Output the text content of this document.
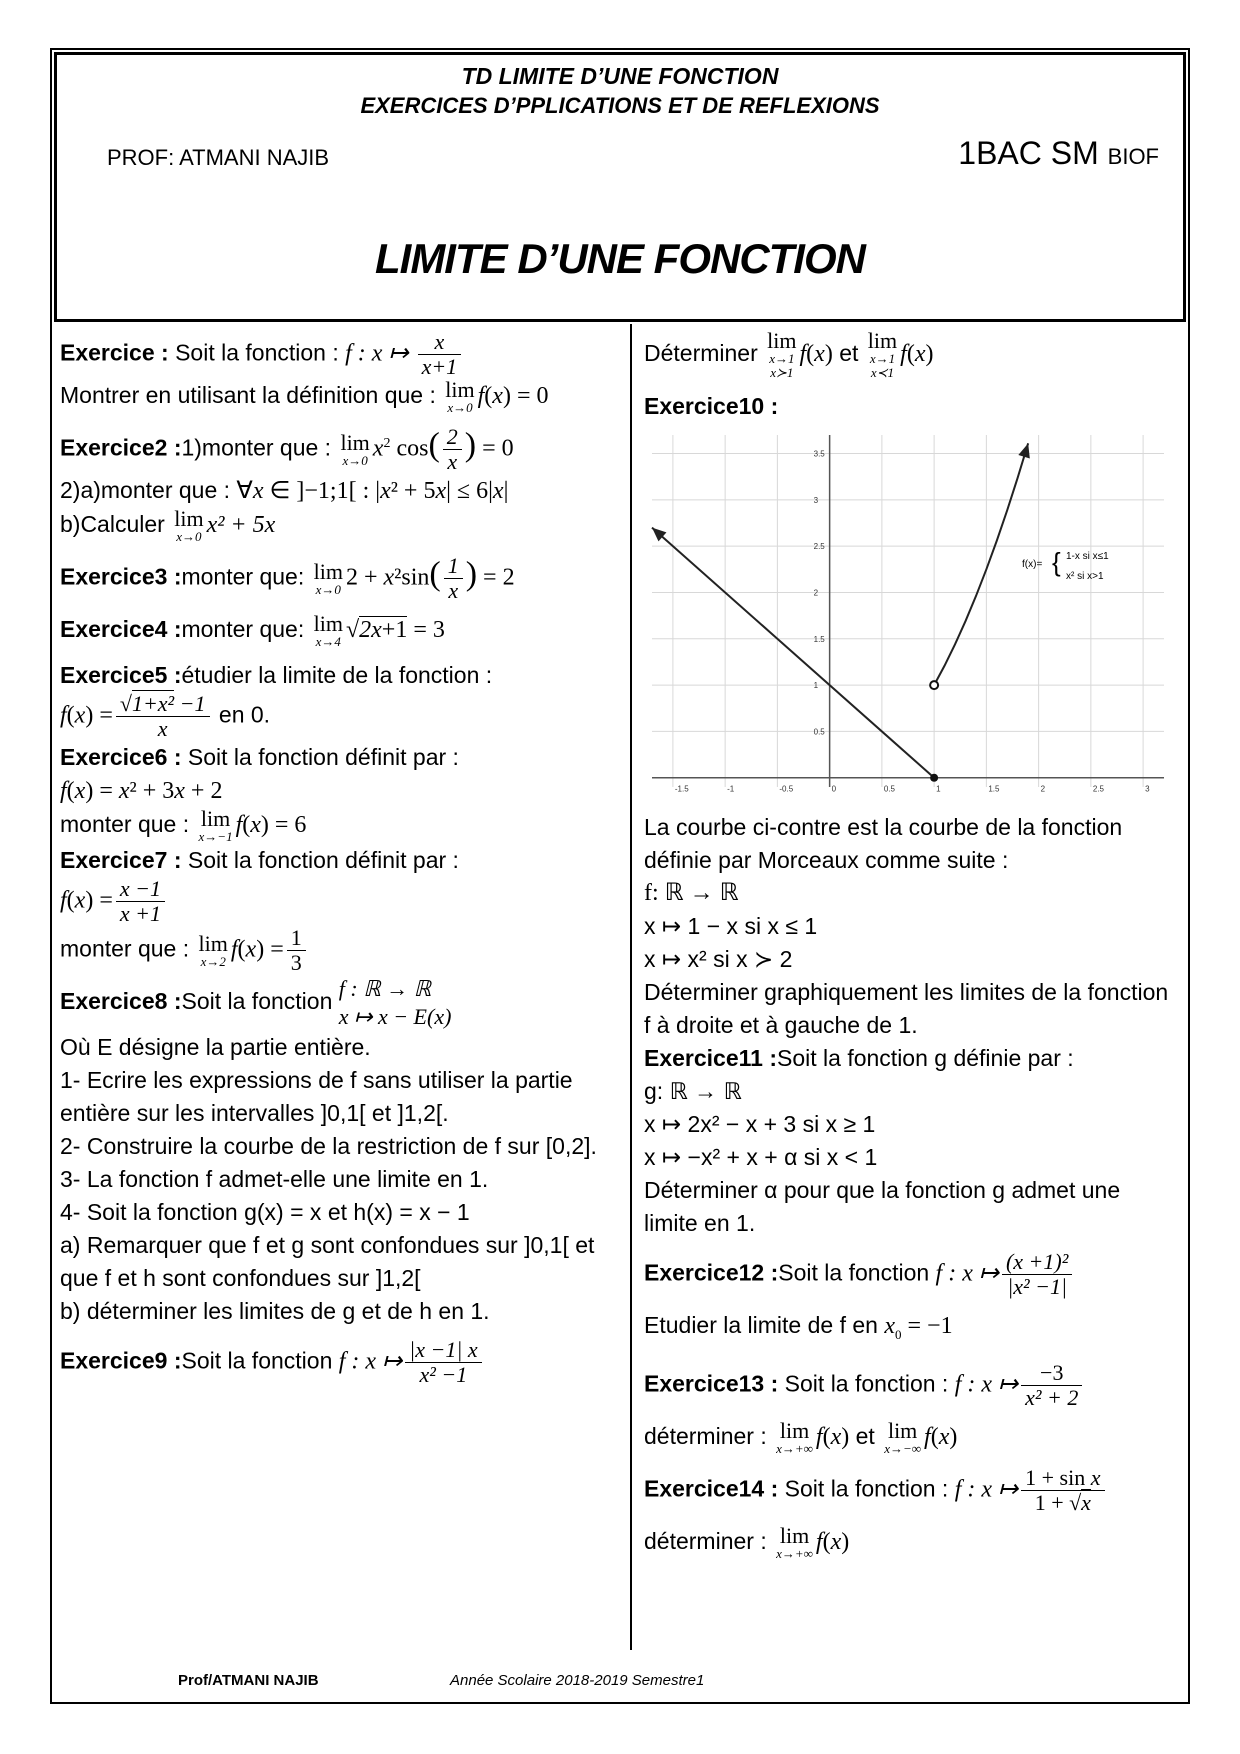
TD LIMITE D’UNE FONCTION
EXERCICES D’PPLICATIONS ET DE REFLEXIONS
PROF: ATMANI NAJIB	1BAC SM BIOF
LIMITE D’UNE FONCTION

Exercice : Soit la fonction : f : x ↦ $\frac{x}{x+1}$

Montrer en utilisant la définition que : lim
x→0 f(x) = 0

Exercice2 :1)monter que : lim
x→0 $x^2$ $\cos( \frac{2}{x}$ ) = 0

2)a)monter que : ∀x ∈ ]−1;1[ : |x² + 5x| ≤ 6|x|

b)Calculer lim
x→0 x² + 5x

Exercice3 :monter que: lim
x→0 $2 + x^2\sin( \frac{1}{x}$ ) = 2

Exercice4 :monter que: lim
x→4 √2x+1 = 3

Exercice5 :étudier la limite de la fonction :

$f(x) = \frac{\text{√1+x² −1}}{x}$ en 0.

Exercice6 : Soit la fonction définit par :

f(x) = x² + 3x + 2

monter que : lim
x→−1 f(x) = 6

Exercice7 : Soit la fonction définit par :

$f(x) = \frac{x -1}{x +1}$

monter que : lim
x→2 $f(x) = \frac{1}{3}$

Exercice8 :Soit la fonction f : ℝ → ℝ
x ↦ x − E(x)

Où E désigne la partie entière.

1- Ecrire les expressions de f sans utiliser la partie entière sur les intervalles ]0,1[ et ]1,2[.

2- Construire la courbe de la restriction de f sur [0,2].

3- La fonction f admet-elle une limite en 1.

4- Soit la fonction g(x) = x et h(x) = x − 1

a) Remarquer que f et g sont confondues sur ]0,1[ et que f et h sont confondues sur ]1,2[

b) déterminer les limites de g et de h en 1.

Exercice9 :Soit la fonction f : x ↦ $\frac{|x -1| x}{\text{x² −1}}$

Déterminer lim
x→1
x≻1
f(x) et lim
x→1
x≺1
f(x)

Exercice10 :

-1.5	-1	-0.5	0	0.5	1	1.5	2	2.5	3
0.5
1
1.5
2
2.5
3
3.5
f(x)= { 1-x si x≤1
x² si x>1

La courbe ci-contre est la courbe de la fonction définie par Morceaux comme suite :

f: ℝ → ℝ

x ↦ 1 − x si x ≤ 1

x ↦ x² si x ≻ 2

Déterminer graphiquement les limites de la fonction f à droite et à gauche de 1.

Exercice11 :Soit la fonction g définie par :

g: ℝ → ℝ

x ↦ 2x² − x + 3 si x ≥ 1

x ↦ −x² + x + α si x < 1

Déterminer α pour que la fonction g admet une limite en 1.

Exercice12 :Soit la fonction f : x ↦ $\frac{\text{(x +1)²}}{\text{|x² −1|}}$

Etudier la limite de f en $x_0 = -1$

Exercice13 : Soit la fonction : f : x ↦ $\frac{-3}{\text{x² + 2}}$

déterminer : lim
x→+∞ f(x) et lim
x→−∞ f(x)

Exercice14 : Soit la fonction : f : x ↦ $\frac{\text{1 + sin x}}{1 + √x}$

déterminer : lim
x→+∞ f(x)

Prof/ATMANI NAJIB	Année Scolaire 2018-2019 Semestre1
